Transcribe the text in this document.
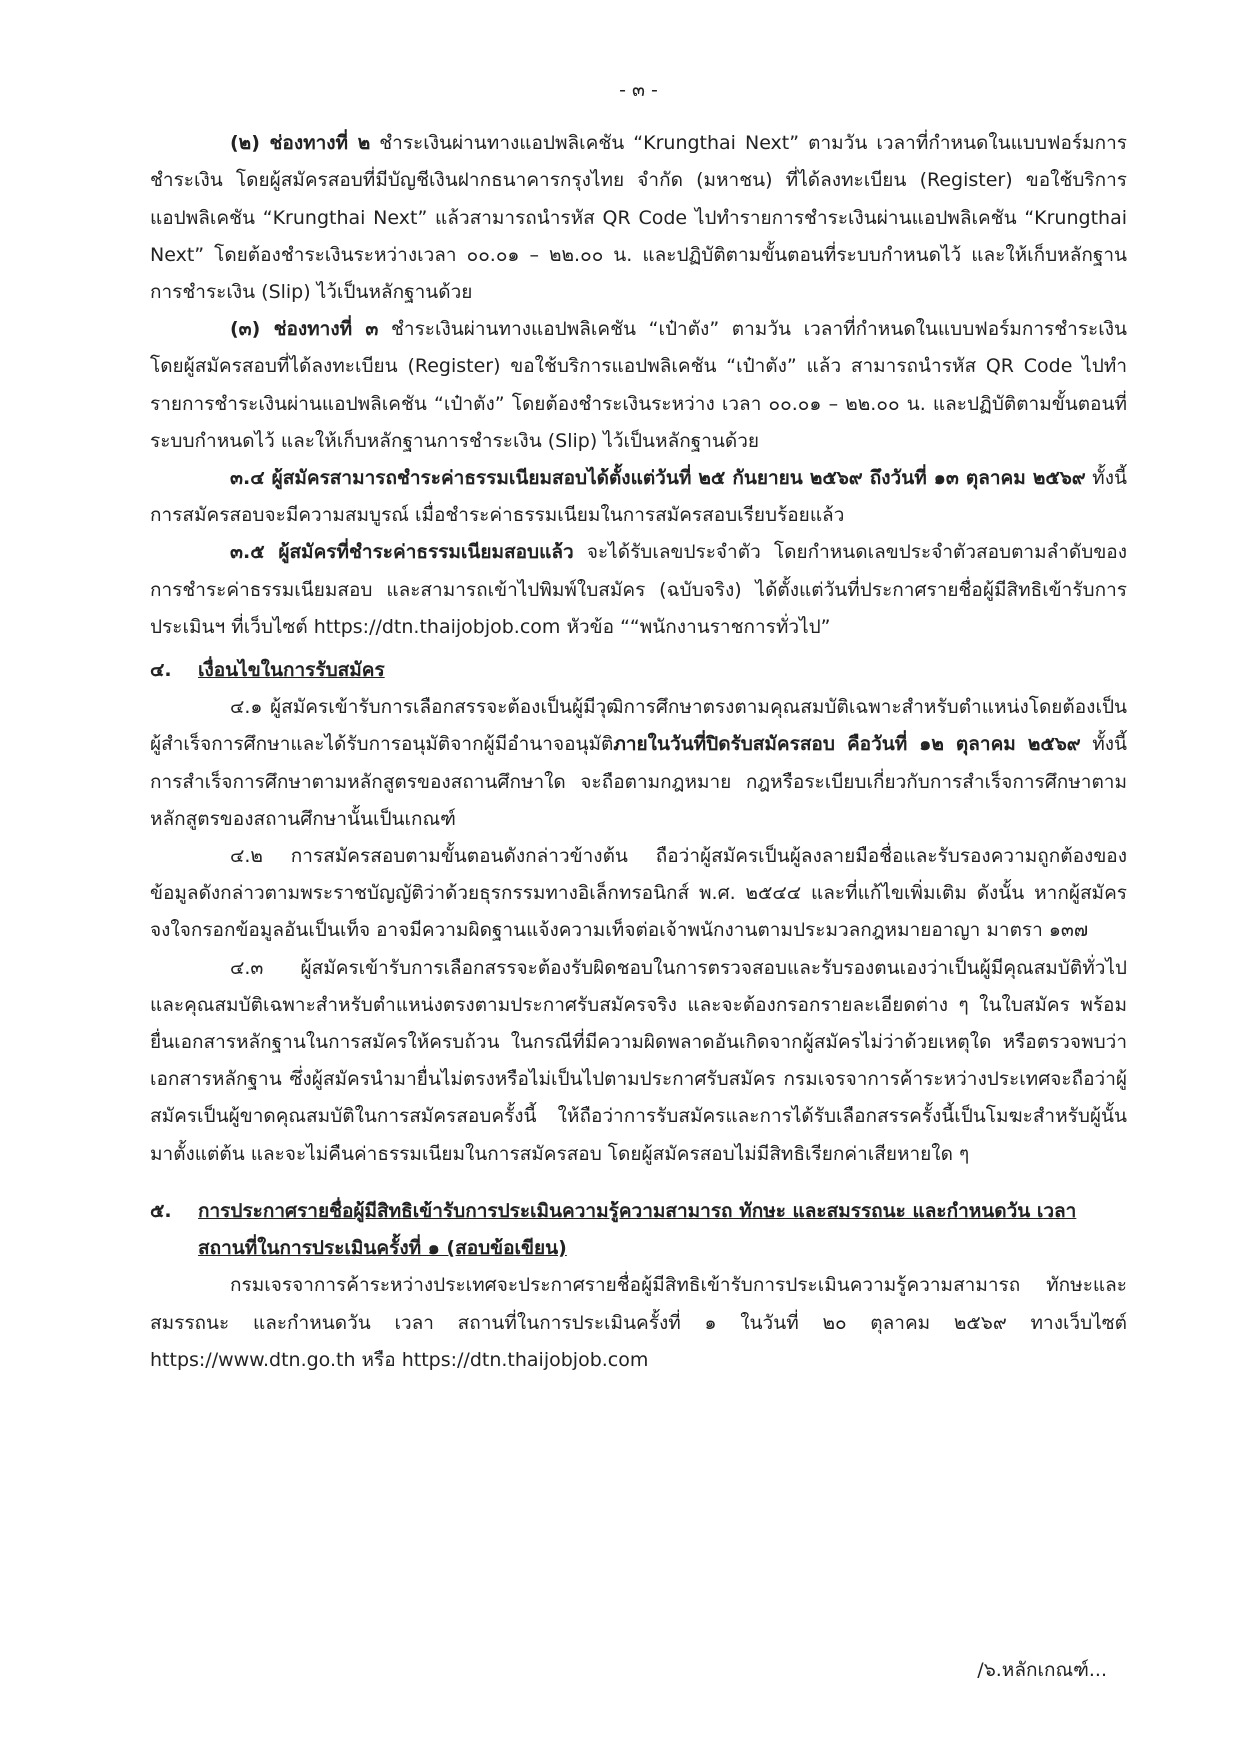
- ๓ -

(๒) ช่องทางที่ ๒ ชำระเงินผ่านทางแอปพลิเคชัน “Krungthai Next” ตามวัน เวลาที่กำหนดในแบบฟอร์มการชำระเงิน โดยผู้สมัครสอบที่มีบัญชีเงินฝากธนาคารกรุงไทย จำกัด (มหาชน) ที่ได้ลงทะเบียน (Register) ขอใช้บริการแอปพลิเคชัน “Krungthai Next” แล้วสามารถนำรหัส QR Code ไปทำรายการชำระเงินผ่านแอปพลิเคชัน “Krungthai Next” โดยต้องชำระเงินระหว่างเวลา ๐๐.๐๑ – ๒๒.๐๐ น. และปฏิบัติตามขั้นตอนที่ระบบกำหนดไว้ และให้เก็บหลักฐานการชำระเงิน (Slip) ไว้เป็นหลักฐานด้วย

(๓) ช่องทางที่ ๓ ชำระเงินผ่านทางแอปพลิเคชัน “เป๋าตัง” ตามวัน เวลาที่กำหนดในแบบฟอร์มการชำระเงิน โดยผู้สมัครสอบที่ได้ลงทะเบียน (Register) ขอใช้บริการแอปพลิเคชัน “เป๋าตัง” แล้ว สามารถนำรหัส QR Code ไปทำรายการชำระเงินผ่านแอปพลิเคชัน “เป๋าตัง” โดยต้องชำระเงินระหว่าง เวลา ๐๐.๐๑ – ๒๒.๐๐ น. และปฏิบัติตามขั้นตอนที่ระบบกำหนดไว้ และให้เก็บหลักฐานการชำระเงิน (Slip) ไว้เป็นหลักฐานด้วย

๓.๔ ผู้สมัครสามารถชำระค่าธรรมเนียมสอบได้ตั้งแต่วันที่ ๒๕ กันยายน ๒๕๖๙ ถึงวันที่ ๑๓ ตุลาคม ๒๕๖๙ ทั้งนี้ การสมัครสอบจะมีความสมบูรณ์ เมื่อชำระค่าธรรมเนียมในการสมัครสอบเรียบร้อยแล้ว

๓.๕ ผู้สมัครที่ชำระค่าธรรมเนียมสอบแล้ว จะได้รับเลขประจำตัว โดยกำหนดเลขประจำตัวสอบตามลำดับของการชำระค่าธรรมเนียมสอบ และสามารถเข้าไปพิมพ์ใบสมัคร (ฉบับจริง) ได้ตั้งแต่วันที่ประกาศรายชื่อผู้มีสิทธิเข้ารับการประเมินฯ ที่เว็บไซต์ https://dtn.thaijobjob.com หัวข้อ ““พนักงานราชการทั่วไป”

๔.	เงื่อนไขในการรับสมัคร

๔.๑ ผู้สมัครเข้ารับการเลือกสรรจะต้องเป็นผู้มีวุฒิการศึกษาตรงตามคุณสมบัติเฉพาะสำหรับตำแหน่งโดยต้องเป็นผู้สำเร็จการศึกษาและได้รับการอนุมัติจากผู้มีอำนาจอนุมัติภายในวันที่ปิดรับสมัครสอบ คือวันที่ ๑๒ ตุลาคม ๒๕๖๙ ทั้งนี้ การสำเร็จการศึกษาตามหลักสูตรของสถานศึกษาใด จะถือตามกฎหมาย กฎหรือระเบียบเกี่ยวกับการสำเร็จการศึกษาตามหลักสูตรของสถานศึกษานั้นเป็นเกณฑ์

๔.๒ การสมัครสอบตามขั้นตอนดังกล่าวข้างต้น ถือว่าผู้สมัครเป็นผู้ลงลายมือชื่อและรับรองความถูกต้องของข้อมูลดังกล่าวตามพระราชบัญญัติว่าด้วยธุรกรรมทางอิเล็กทรอนิกส์ พ.ศ. ๒๕๔๔ และที่แก้ไขเพิ่มเติม ดังนั้น หากผู้สมัครจงใจกรอกข้อมูลอันเป็นเท็จ อาจมีความผิดฐานแจ้งความเท็จต่อเจ้าพนักงานตามประมวลกฎหมายอาญา มาตรา ๑๓๗

๔.๓ ผู้สมัครเข้ารับการเลือกสรรจะต้องรับผิดชอบในการตรวจสอบและรับรองตนเองว่าเป็นผู้มีคุณสมบัติทั่วไป และคุณสมบัติเฉพาะสำหรับตำแหน่งตรงตามประกาศรับสมัครจริง และจะต้องกรอกรายละเอียดต่าง ๆ ในใบสมัคร พร้อมยื่นเอกสารหลักฐานในการสมัครให้ครบถ้วน ในกรณีที่มีความผิดพลาดอันเกิดจากผู้สมัครไม่ว่าด้วยเหตุใด หรือตรวจพบว่าเอกสารหลักฐาน ซึ่งผู้สมัครนำมายื่นไม่ตรงหรือไม่เป็นไปตามประกาศรับสมัคร กรมเจรจาการค้าระหว่างประเทศจะถือว่าผู้สมัครเป็นผู้ขาดคุณสมบัติในการสมัครสอบครั้งนี้ ให้ถือว่าการรับสมัครและการได้รับเลือกสรรครั้งนี้เป็นโมฆะสำหรับผู้นั้นมาตั้งแต่ต้น และจะไม่คืนค่าธรรมเนียมในการสมัครสอบ โดยผู้สมัครสอบไม่มีสิทธิเรียกค่าเสียหายใด ๆ

๕.	การประกาศรายชื่อผู้มีสิทธิเข้ารับการประเมินความรู้ความสามารถ ทักษะ และสมรรถนะ และกำหนดวัน เวลา สถานที่ในการประเมินครั้งที่ ๑ (สอบข้อเขียน)

กรมเจรจาการค้าระหว่างประเทศจะประกาศรายชื่อผู้มีสิทธิเข้ารับการประเมินความรู้ความสามารถ ทักษะและสมรรถนะ และกำหนดวัน เวลา สถานที่ในการประเมินครั้งที่ ๑ ในวันที่ ๒๐ ตุลาคม ๒๕๖๙ ทางเว็บไซต์ https://www.dtn.go.th หรือ https://dtn.thaijobjob.com

/๖.หลักเกณฑ์...
